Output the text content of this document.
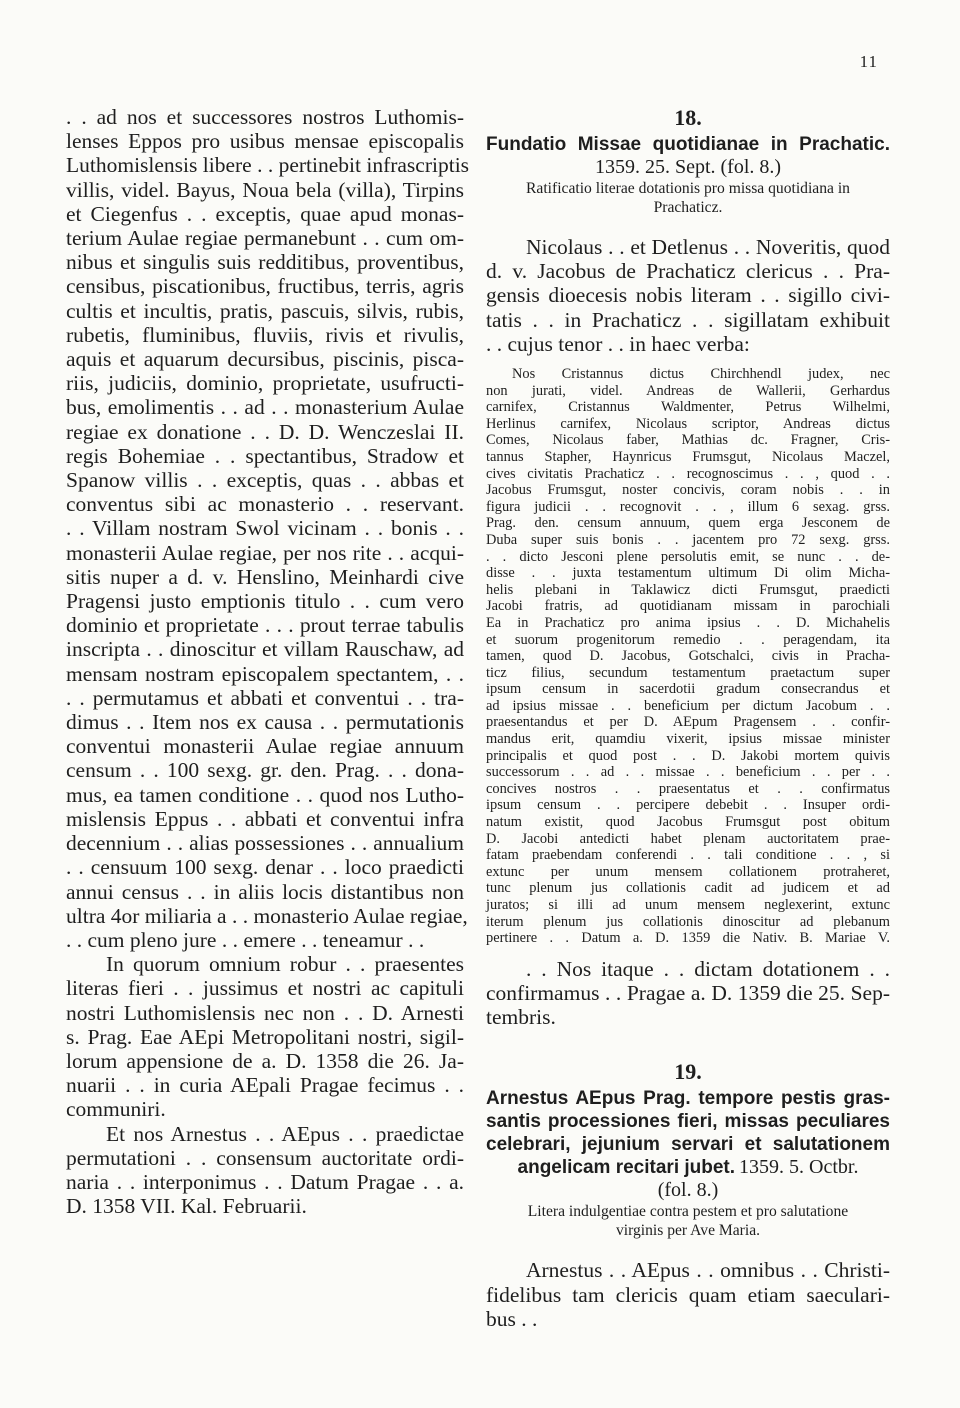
11
. . ad nos et successores nostros Luthomis-
lenses Eppos pro usibus mensae episcopalis
Luthomislensis libere . . pertinebit infrascriptis
villis, videl. Bayus, Noua bela (villa), Tirpins
et Ciegenfus . . exceptis, quae apud monas-
terium Aulae regiae permanebunt . . cum om-
nibus et singulis suis redditibus, proventibus,
censibus, piscationibus, fructibus, terris, agris
cultis et incultis, pratis, pascuis, silvis, rubis,
rubetis, fluminibus, fluviis, rivis et rivulis,
aquis et aquarum decursibus, piscinis, pisca-
riis, judiciis, dominio, proprietate, usufructi-
bus, emolimentis . . ad . . monasterium Aulae
regiae ex donatione . . D. D. Wenczeslai II.
regis Bohemiae . . spectantibus, Stradow et
Spanow villis . . exceptis, quas . . abbas et
conventus sibi ac monasterio . . reservant.
. . Villam nostram Swol vicinam . . bonis . .
monasterii Aulae regiae, per nos rite . . acqui-
sitis nuper a d. v. Henslino, Meinhardi cive
Pragensi justo emptionis titulo . . cum vero
dominio et proprietate . . . prout terrae tabulis
inscripta . . dinoscitur et villam Rauschaw, ad
mensam nostram episcopalem spectantem, . .
. . permutamus et abbati et conventui . . tra-
dimus . . Item nos ex causa . . permutationis
conventui monasterii Aulae regiae annuum
censum . . 100 sexg. gr. den. Prag. . . dona-
mus, ea tamen conditione . . quod nos Lutho-
mislensis Eppus . . abbati et conventui infra
decennium . . alias possessiones . . annualium
. . censuum 100 sexg. denar . . loco praedicti
annui census . . in aliis locis distantibus non
ultra 4or miliaria a . . monasterio Aulae regiae,
. . cum pleno jure . . emere . . teneamur . .
In quorum omnium robur . . praesentes
literas fieri . . jussimus et nostri ac capituli
nostri Luthomislensis nec non . . D. Arnesti
s. Prag. Eae AEpi Metropolitani nostri, sigil-
lorum appensione de a. D. 1358 die 26. Ja-
nuarii . . in curia AEpali Pragae fecimus . .
communiri.
Et nos Arnestus . . AEpus . . praedictae
permutationi . . consensum auctoritate ordi-
naria . . interponimus . . Datum Pragae . . a.
D. 1358 VII. Kal. Februarii.
18.
Fundatio Missae quotidianae in Prachatic.
1359. 25. Sept. (fol. 8.)
Ratificatio literae dotationis pro missa quotidiana in
Prachaticz.
Nicolaus . . et Detlenus . . Noveritis, quod
d. v. Jacobus de Prachaticz clericus . . Pra-
gensis dioecesis nobis literam . . sigillo civi-
tatis . . in Prachaticz . . sigillatam exhibuit
. . cujus tenor . . in haec verba:
Nos Cristannus dictus Chirchhendl judex, nec
non jurati, videl. Andreas de Wallerii, Gerhardus
carnifex, Cristannus Waldmenter, Petrus Wilhelmi,
Herlinus carnifex, Nicolaus scriptor, Andreas dictus
Comes, Nicolaus faber, Mathias dc. Fragner, Cris-
tannus Stapher, Haynricus Frumsgut, Nicolaus Maczel,
cives civitatis Prachaticz . . recognoscimus . . , quod . .
Jacobus Frumsgut, noster concivis, coram nobis . . in
figura judicii . . recognovit . . , illum 6 sexag. grss.
Prag. den. censum annuum, quem erga Jesconem de
Duba super suis bonis . . jacentem pro 72 sexg. grss.
. . dicto Jesconi plene persolutis emit, se nunc . . de-
disse . . juxta testamentum ultimum Di olim Micha-
helis plebani in Taklawicz dicti Frumsgut, praedicti
Jacobi fratris, ad quotidianam missam in parochiali
Ea in Prachaticz pro anima ipsius . . D. Michahelis
et suorum progenitorum remedio . . peragendam, ita
tamen, quod D. Jacobus, Gotschalci, civis in Pracha-
ticz filius, secundum testamentum praetactum super
ipsum censum in sacerdotii gradum consecrandus et
ad ipsius missae . . beneficium per dictum Jacobum . .
praesentandus et per D. AEpum Pragensem . . confir-
mandus erit, quamdiu vixerit, ipsius missae minister
principalis et quod post . . D. Jakobi mortem quivis
successorum . . ad . . missae . . beneficium . . per . .
concives nostros . . praesentatus et . . confirmatus
ipsum censum . . percipere debebit . . Insuper ordi-
natum existit, quod Jacobus Frumsgut post obitum
D. Jacobi antedicti habet plenam auctoritatem prae-
fatam praebendam conferendi . . tali conditione . . , si
extunc per unum mensem collationem protraheret,
tunc plenum jus collationis cadit ad judicem et ad
juratos; si illi ad unum mensem neglexerint, extunc
iterum plenum jus collationis dinoscitur ad plebanum
pertinere . . Datum a. D. 1359 die Nativ. B. Mariae V.
. . Nos itaque . . dictam dotationem . .
confirmamus . . Pragae a. D. 1359 die 25. Sep-
tembris.
19.
Arnestus AEpus Prag. tempore pestis gras-
santis processiones fieri, missas peculiares
celebrari, jejunium servari et salutationem
angelicam recitari jubet. 1359. 5. Octbr.
(fol. 8.)
Litera indulgentiae contra pestem et pro salutatione
virginis per Ave Maria.
Arnestus . . AEpus . . omnibus . . Christi-
fidelibus tam clericis quam etiam saeculari-
bus . .
